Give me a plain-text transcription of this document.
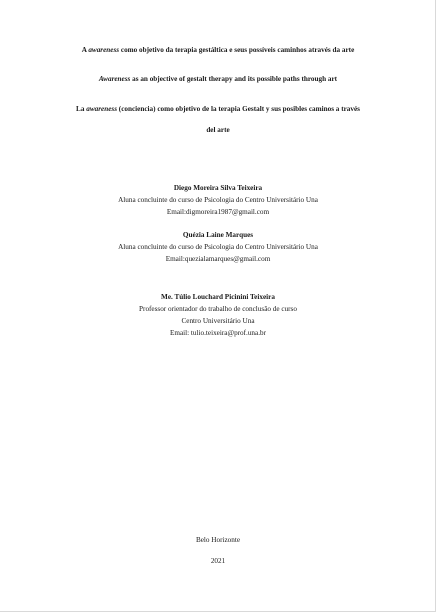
A awareness como objetivo da terapia gestáltica e seus possíveis caminhos através da arte
Awareness as an objective of gestalt therapy and its possible paths through art
La awareness (conciencia) como objetivo de la terapia Gestalt y sus posibles caminos a través
del arte
Diego Moreira Silva Teixeira
Aluna concluinte do curso de Psicologia do Centro Universitário Una
Email:digmoreira1987@gmail.com
Quézia Laine Marques
Aluna concluinte do curso de Psicologia do Centro Universitário Una
Email:quezialamarques@gmail.com
Me. Túlio Louchard Picinini Teixeira
Professor orientador do trabalho de conclusão de curso
Centro Universitário Una
Email: tulio.teixeira@prof.una.br
Belo Horizonte
2021
